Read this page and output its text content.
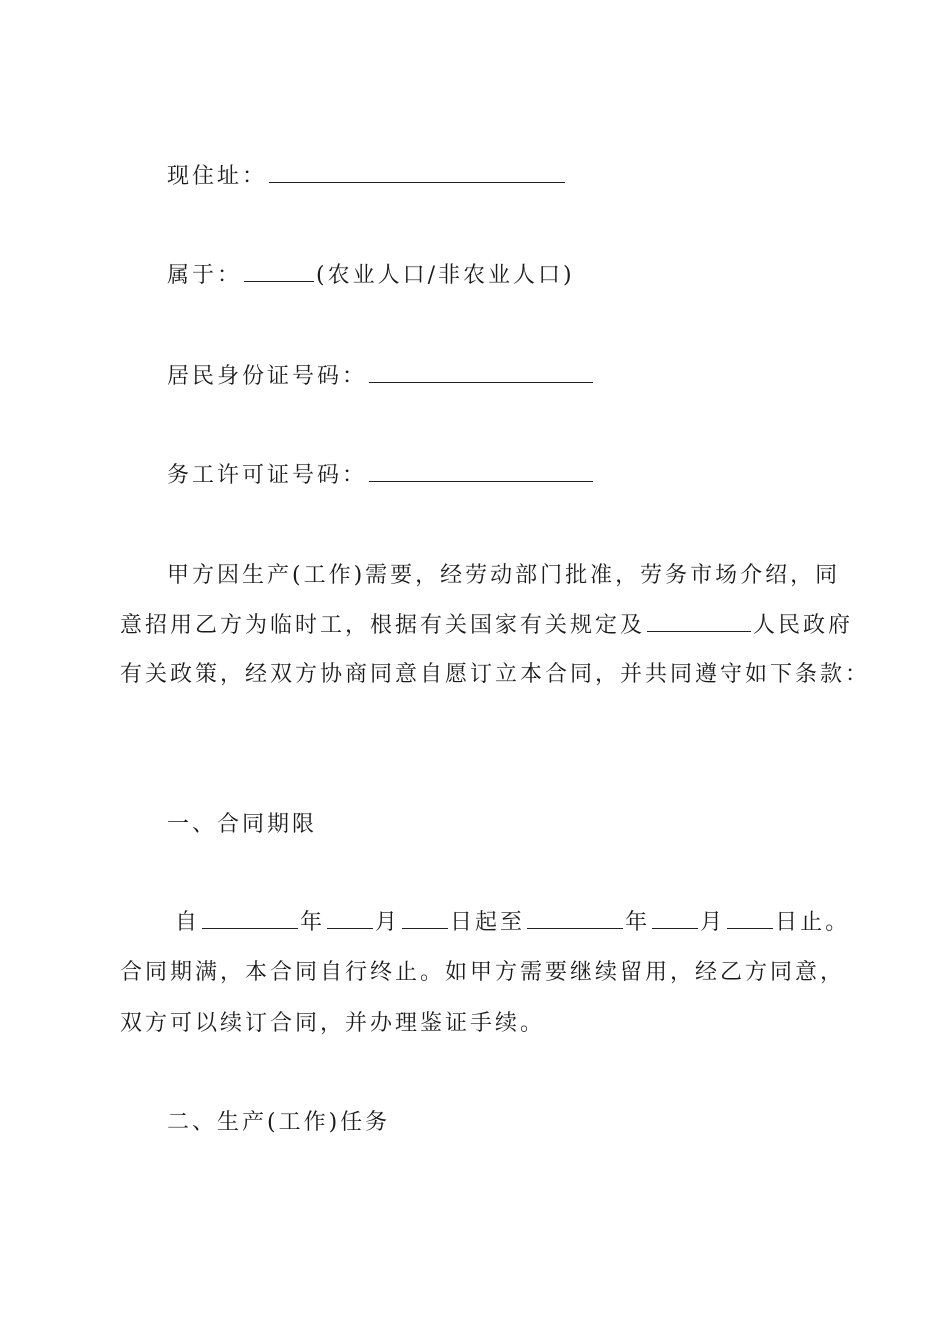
现住址：
属于：	(农业人口/非农业人口)
居民身份证号码：
务工许可证号码：
甲方因生产(工作)需要，经劳动部门批准，劳务市场介绍，同
意招用乙方为临时工，根据有关国家有关规定及	人民政府
有关政策，经双方协商同意自愿订立本合同，并共同遵守如下条款：
一、合同期限
自	年 月 日起至	年 月 日止。
合同期满，本合同自行终止。如甲方需要继续留用，经乙方同意，
双方可以续订合同，并办理鉴证手续。
二、生产(工作)任务
